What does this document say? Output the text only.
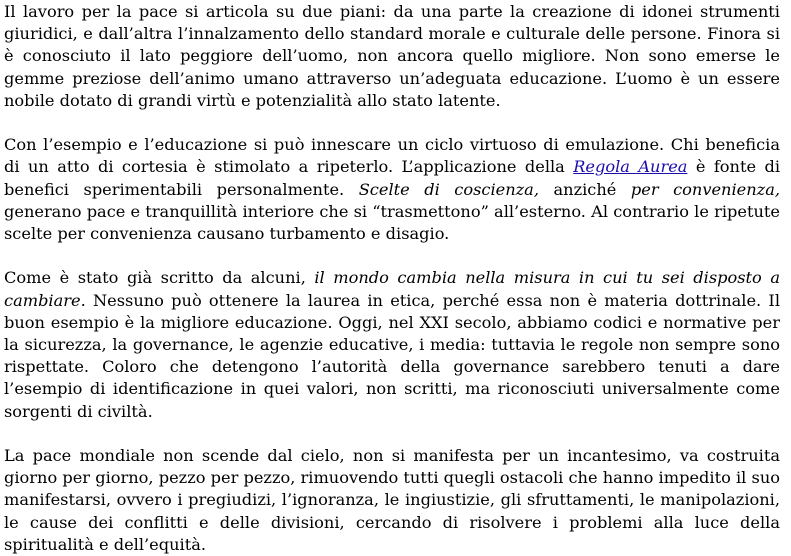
Il lavoro per la pace si articola su due piani: da una parte la creazione di idonei strumenti giuridici, e dall’altra l’innalzamento dello standard morale e culturale delle persone. Finora si è conosciuto il lato peggiore dell’uomo, non ancora quello migliore. Non sono emerse le gemme preziose dell’animo umano attraverso un’adeguata educazione. L’uomo è un essere nobile dotato di grandi virtù e potenzialità allo stato latente.

Con l’esempio e l’educazione si può innescare un ciclo virtuoso di emulazione. Chi beneficia di un atto di cortesia è stimolato a ripeterlo. L’applicazione della Regola Aurea è fonte di benefici sperimentabili personalmente. Scelte di coscienza, anziché per convenienza, generano pace e tranquillità interiore che si “trasmettono” all’esterno. Al contrario le ripetute scelte per convenienza causano turbamento e disagio.

Come è stato già scritto da alcuni, il mondo cambia nella misura in cui tu sei disposto a cambiare. Nessuno può ottenere la laurea in etica, perché essa non è materia dottrinale. Il buon esempio è la migliore educazione. Oggi, nel XXI secolo, abbiamo codici e normative per la sicurezza, la governance, le agenzie educative, i media: tuttavia le regole non sempre sono rispettate. Coloro che detengono l’autorità della governance sarebbero tenuti a dare l’esempio di identificazione in quei valori, non scritti, ma riconosciuti universalmente come sorgenti di civiltà.

La pace mondiale non scende dal cielo, non si manifesta per un incantesimo, va costruita giorno per giorno, pezzo per pezzo, rimuovendo tutti quegli ostacoli che hanno impedito il suo manifestarsi, ovvero i pregiudizi, l’ignoranza, le ingiustizie, gli sfruttamenti, le manipolazioni, le cause dei conflitti e delle divisioni, cercando di risolvere i problemi alla luce della spiritualità e dell’equità.
